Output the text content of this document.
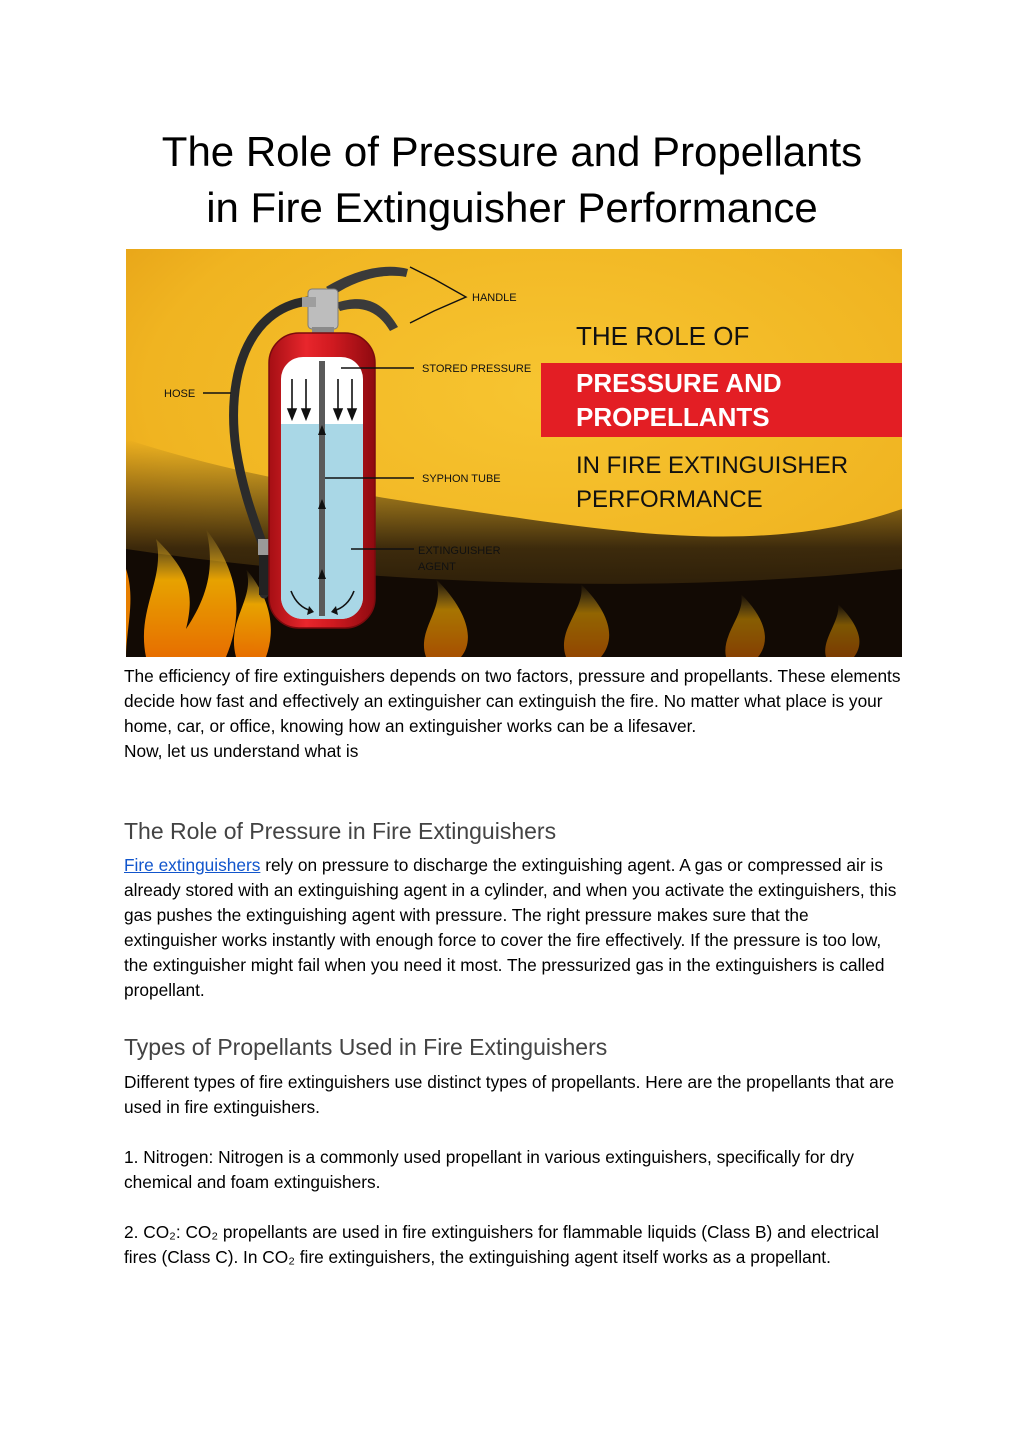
The Role of Pressure and Propellants
in Fire Extinguisher Performance
HANDLE
STORED PRESSURE
HOSE
SYPHON TUBE
EXTINGUISHER
AGENT
THE ROLE OF
PRESSURE AND
PROPELLANTS
IN FIRE EXTINGUISHER
PERFORMANCE

The efficiency of fire extinguishers depends on two factors, pressure and propellants. These elements decide how fast and effectively an extinguisher can extinguish the fire. No matter what place is your home, car, or office, knowing how an extinguisher works can be a lifesaver.
Now, let us understand what is

The Role of Pressure in Fire Extinguishers

Fire extinguishers rely on pressure to discharge the extinguishing agent. A gas or compressed air is already stored with an extinguishing agent in a cylinder, and when you activate the extinguishers, this gas pushes the extinguishing agent with pressure. The right pressure makes sure that the extinguisher works instantly with enough force to cover the fire effectively. If the pressure is too low, the extinguisher might fail when you need it most. The pressurized gas in the extinguishers is called propellant.

Types of Propellants Used in Fire Extinguishers

Different types of fire extinguishers use distinct types of propellants. Here are the propellants that are used in fire extinguishers.

1. Nitrogen: Nitrogen is a commonly used propellant in various extinguishers, specifically for dry chemical and foam extinguishers.

2. CO₂: CO₂ propellants are used in fire extinguishers for flammable liquids (Class B) and electrical fires (Class C). In CO₂ fire extinguishers, the extinguishing agent itself works as a propellant.
